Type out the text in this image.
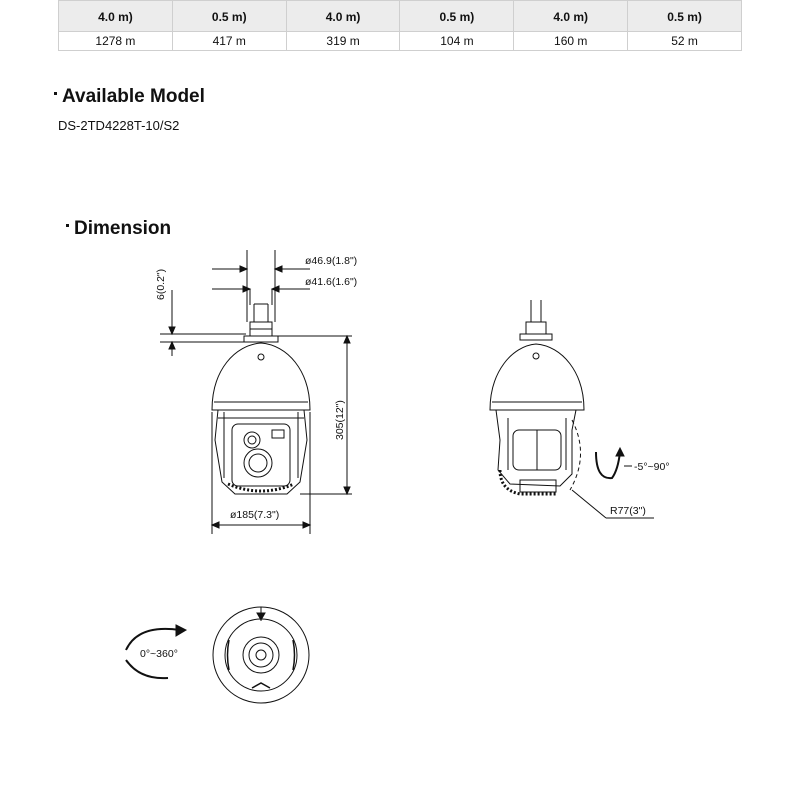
4.0 m)	0.5 m)	4.0 m)	0.5 m)	4.0 m)	0.5 m)
1278 m	417 m	319 m	104 m	160 m	52 m
Available Model
DS-2TD4228T-10/S2
Dimension
ø46.9(1.8")
ø41.6(1.6")
6(0.2")
305(12")
ø185(7.3")
-5°~90°
R77(3")
0°~360°
